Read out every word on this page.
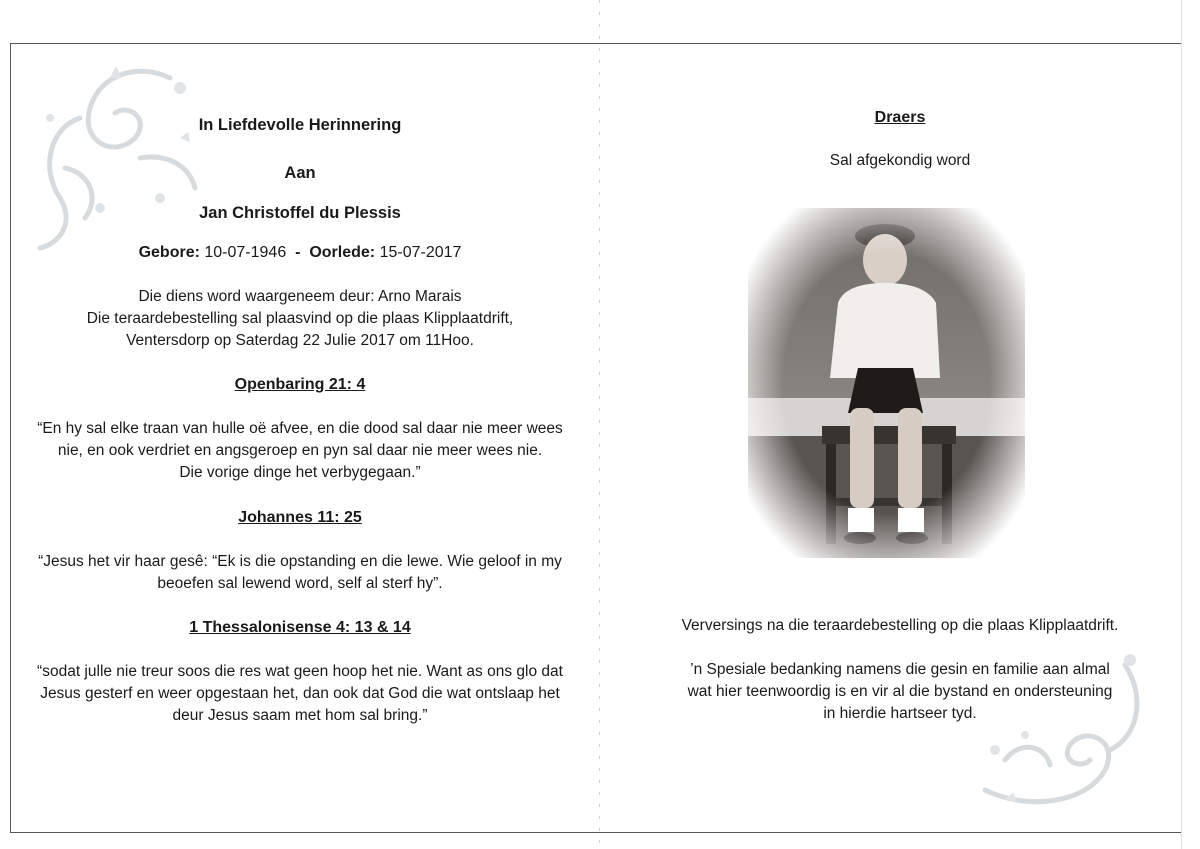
In Liefdevolle Herinnering
Aan
Jan Christoffel du Plessis
Gebore: 10-07-1946 - Oorlede: 15-07-2017
Die diens word waargeneem deur: Arno Marais
Die teraardebestelling sal plaasvind op die plaas Klipplaatdrift,
Ventersdorp op Saterdag 22 Julie 2017 om 11Hoo.
Openbaring 21: 4
“En hy sal elke traan van hulle oë afvee, en die dood sal daar nie meer wees
nie, en ook verdriet en angsgeroep en pyn sal daar nie meer wees nie.
Die vorige dinge het verbygegaan.”
Johannes 11: 25
“Jesus het vir haar gesê: “Ek is die opstanding en die lewe. Wie geloof in my
beoefen sal lewend word, self al sterf hy”.
1 Thessalonisense 4: 13 & 14
“sodat julle nie treur soos die res wat geen hoop het nie. Want as ons glo dat
Jesus gesterf en weer opgestaan het, dan ook dat God die wat ontslaap het
deur Jesus saam met hom sal bring.”
Draers
Sal afgekondig word
Verversings na die teraardebestelling op die plaas Klipplaatdrift.
’n Spesiale bedanking namens die gesin en familie aan almal
wat hier teenwoordig is en vir al die bystand en ondersteuning
in hierdie hartseer tyd.
